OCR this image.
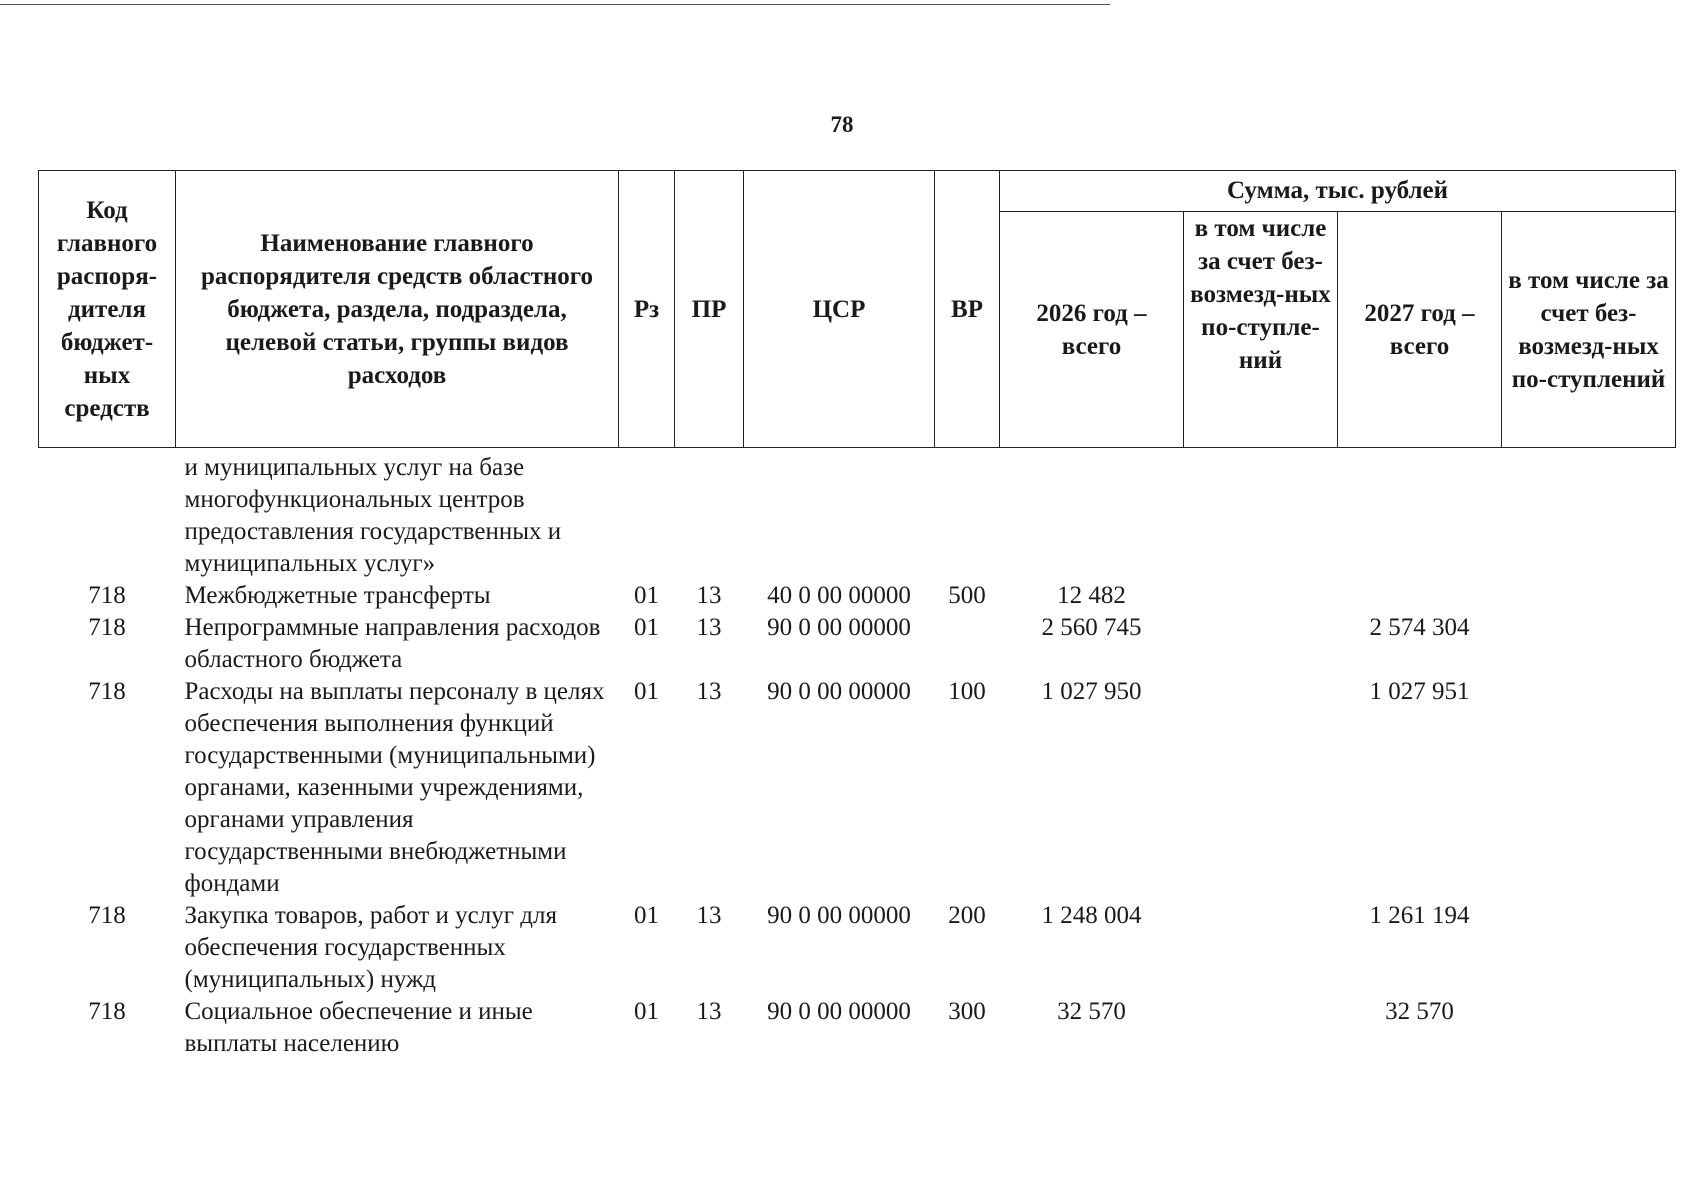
78
Код главного распоря-дителя бюджет-ных средств	Наименование главного распорядителя средств областного бюджета, раздела, подраздела, целевой статьи, группы видов расходов	Рз	ПР	ЦСР	ВР	Сумма, тыс. рублей			
						2026 год – всего	в том числе за счет без-возмезд-ных по-ступле-ний	2027 год – всего	в том числе за счет без-возмезд-ных по-ступлений
	и муниципальных услуг на базе многофункциональных центров предоставления государственных и муниципальных услуг»								
718	Межбюджетные трансферты	01	13	40 0 00 00000	500	12 482			
718	Непрограммные направления расходов областного бюджета	01	13	90 0 00 00000		2 560 745		2 574 304	
718	Расходы на выплаты персоналу в целях обеспечения выполнения функций государственными (муниципальными) органами, казенными учреждениями, органами управления государственными внебюджетными фондами	01	13	90 0 00 00000	100	1 027 950		1 027 951	
718	Закупка товаров, работ и услуг для обеспечения государственных (муниципальных) нужд	01	13	90 0 00 00000	200	1 248 004		1 261 194	
718	Социальное обеспечение и иные выплаты населению	01	13	90 0 00 00000	300	32 570		32 570	
